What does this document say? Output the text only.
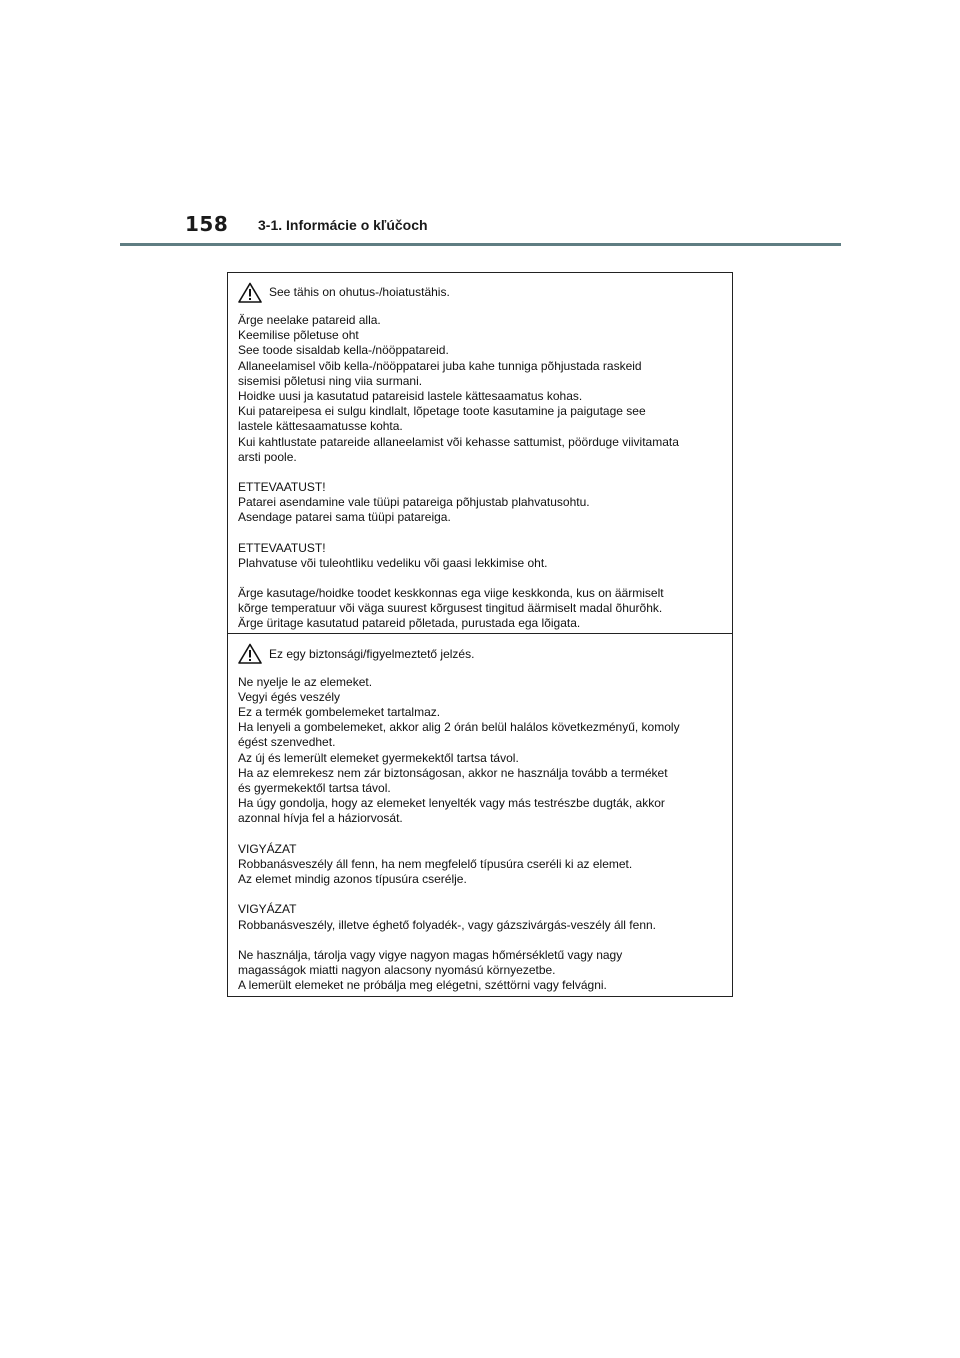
158 3-1. Informácie o kľúčoch
See tähis on ohutus-/hoiatustähis.
Ärge neelake patareid alla.
Keemilise põletuse oht
See toode sisaldab kella-/nööppatareid.
Allaneelamisel võib kella-/nööppatarei juba kahe tunniga põhjustada raskeid
sisemisi põletusi ning viia surmani.
Hoidke uusi ja kasutatud patareisid lastele kättesaamatus kohas.
Kui patareipesa ei sulgu kindlalt, lõpetage toote kasutamine ja paigutage see
lastele kättesaamatusse kohta.
Kui kahtlustate patareide allaneelamist või kehasse sattumist, pöörduge viivitamata
arsti poole.
ETTEVAATUST!
Patarei asendamine vale tüüpi patareiga põhjustab plahvatusohtu.
Asendage patarei sama tüüpi patareiga.
ETTEVAATUST!
Plahvatuse või tuleohtliku vedeliku või gaasi lekkimise oht.
Ärge kasutage/hoidke toodet keskkonnas ega viige keskkonda, kus on äärmiselt
kõrge temperatuur või väga suurest kõrgusest tingitud äärmiselt madal õhurõhk.
Ärge üritage kasutatud patareid põletada, purustada ega lõigata.
Ez egy biztonsági/figyelmeztető jelzés.
Ne nyelje le az elemeket.
Vegyi égés veszély
Ez a termék gombelemeket tartalmaz.
Ha lenyeli a gombelemeket, akkor alig 2 órán belül halálos következményű, komoly
égést szenvedhet.
Az új és lemerült elemeket gyermekektől tartsa távol.
Ha az elemrekesz nem zár biztonságosan, akkor ne használja tovább a terméket
és gyermekektől tartsa távol.
Ha úgy gondolja, hogy az elemeket lenyelték vagy más testrészbe dugták, akkor
azonnal hívja fel a háziorvosát.
VIGYÁZAT
Robbanásveszély áll fenn, ha nem megfelelő típusúra cseréli ki az elemet.
Az elemet mindig azonos típusúra cserélje.
VIGYÁZAT
Robbanásveszély, illetve éghető folyadék-, vagy gázszivárgás-veszély áll fenn.
Ne használja, tárolja vagy vigye nagyon magas hőmérsékletű vagy nagy
magasságok miatti nagyon alacsony nyomású környezetbe.
A lemerült elemeket ne próbálja meg elégetni, széttörni vagy felvágni.
